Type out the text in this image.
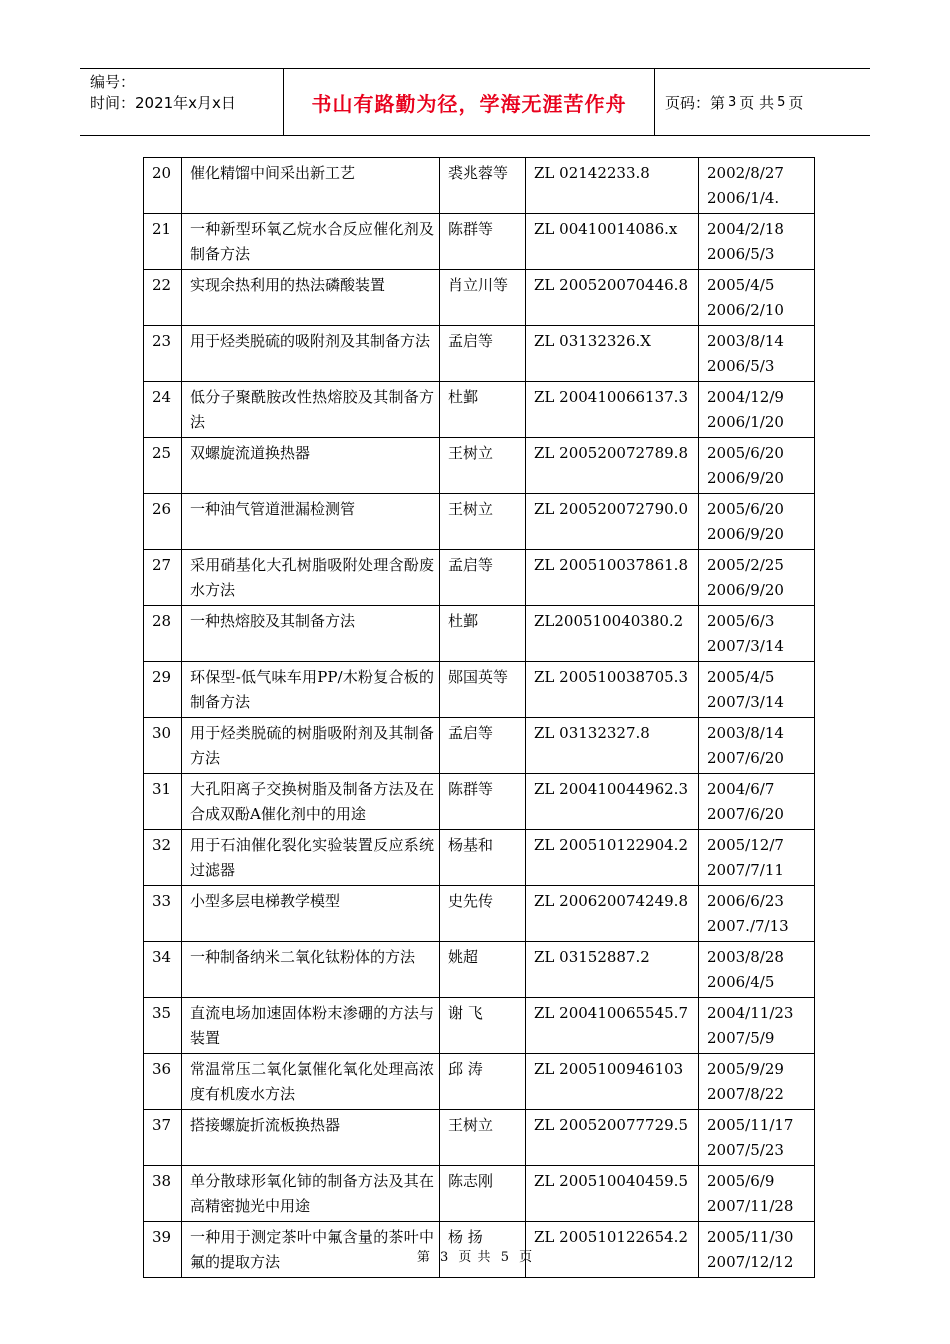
编号：
时间：2021年x月x日	书山有路勤为径，学海无涯苦作舟	页码：第 3 页 共 5 页
20	催化精馏中间采出新工艺	裘兆蓉等	ZL 02142233.8	2002/8/27
2006/1/4.

21	一种新型环氧乙烷水合反应催化剂及制备方法	陈群等	ZL 00410014086.x	2004/2/18
2006/5/3

22	实现余热利用的热法磷酸装置	肖立川等	ZL 200520070446.8	2005/4/5
2006/2/10

23	用于烃类脱硫的吸附剂及其制备方法	孟启等	ZL 03132326.X	2003/8/14
2006/5/3

24	低分子聚酰胺改性热熔胶及其制备方法	杜鄞	ZL 200410066137.3	2004/12/9
2006/1/20

25	双螺旋流道换热器	王树立	ZL 200520072789.8	2005/6/20
2006/9/20

26	一种油气管道泄漏检测管	王树立	ZL 200520072790.0	2005/6/20
2006/9/20

27	采用硝基化大孔树脂吸附处理含酚废水方法	孟启等	ZL 200510037861.8	2005/2/25
2006/9/20

28	一种热熔胶及其制备方法	杜鄞	ZL200510040380.2	2005/6/3
2007/3/14

29	环保型-低气味车用PP/木粉复合板的制备方法	郧国英等	ZL 200510038705.3	2005/4/5
2007/3/14

30	用于烃类脱硫的树脂吸附剂及其制备方法	孟启等	ZL 03132327.8	2003/8/14
2007/6/20

31	大孔阳离子交换树脂及制备方法及在合成双酚A催化剂中的用途	陈群等	ZL 200410044962.3	2004/6/7
2007/6/20

32	用于石油催化裂化实验装置反应系统过滤器	杨基和	ZL 200510122904.2	2005/12/7
2007/7/11

33	小型多层电梯教学模型	史先传	ZL 200620074249.8	2006/6/23
2007./7/13

34	一种制备纳米二氧化钛粉体的方法	姚超	ZL 03152887.2	2003/8/28
2006/4/5

35	直流电场加速固体粉末渗硼的方法与装置	谢 飞	ZL 200410065545.7	2004/11/23
2007/5/9

36	常温常压二氧化氯催化氧化处理高浓度有机废水方法	邱 涛	ZL 2005100946103	2005/9/29
2007/8/22

37	搭接螺旋折流板换热器	王树立	ZL 200520077729.5	2005/11/17
2007/5/23

38	单分散球形氧化铈的制备方法及其在高精密抛光中用途	陈志刚	ZL 200510040459.5	2005/6/9
2007/11/28

39	一种用于测定茶叶中氟含量的茶叶中氟的提取方法	杨 扬	ZL 200510122654.2	2005/11/30
2007/12/12
第 3 页 共 5 页
